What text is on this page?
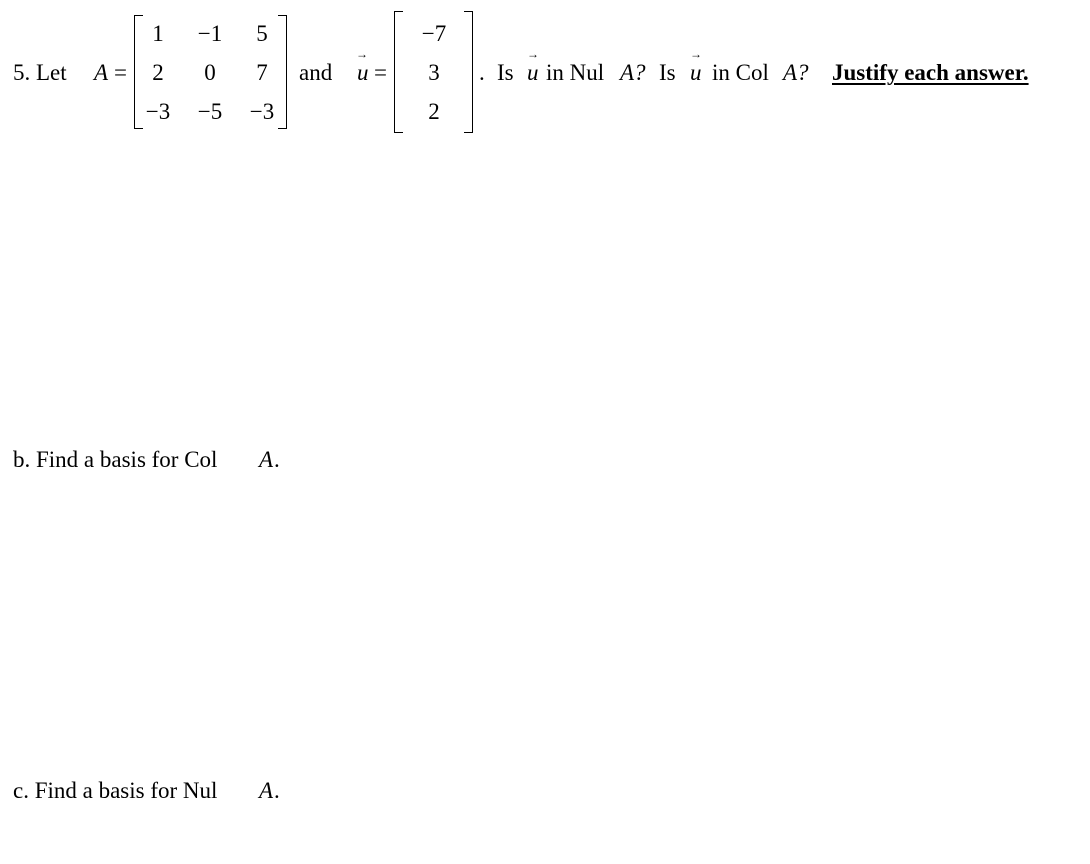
5. Let A =
1	−1	5
2	0	7
−3	−5	−3
and
→
u =
−7
3
2
. Is
→
u in Nul A? Is
→
u in Col A? Justify each answer.
b. Find a basis for Col A .
c. Find a basis for Nul A .
